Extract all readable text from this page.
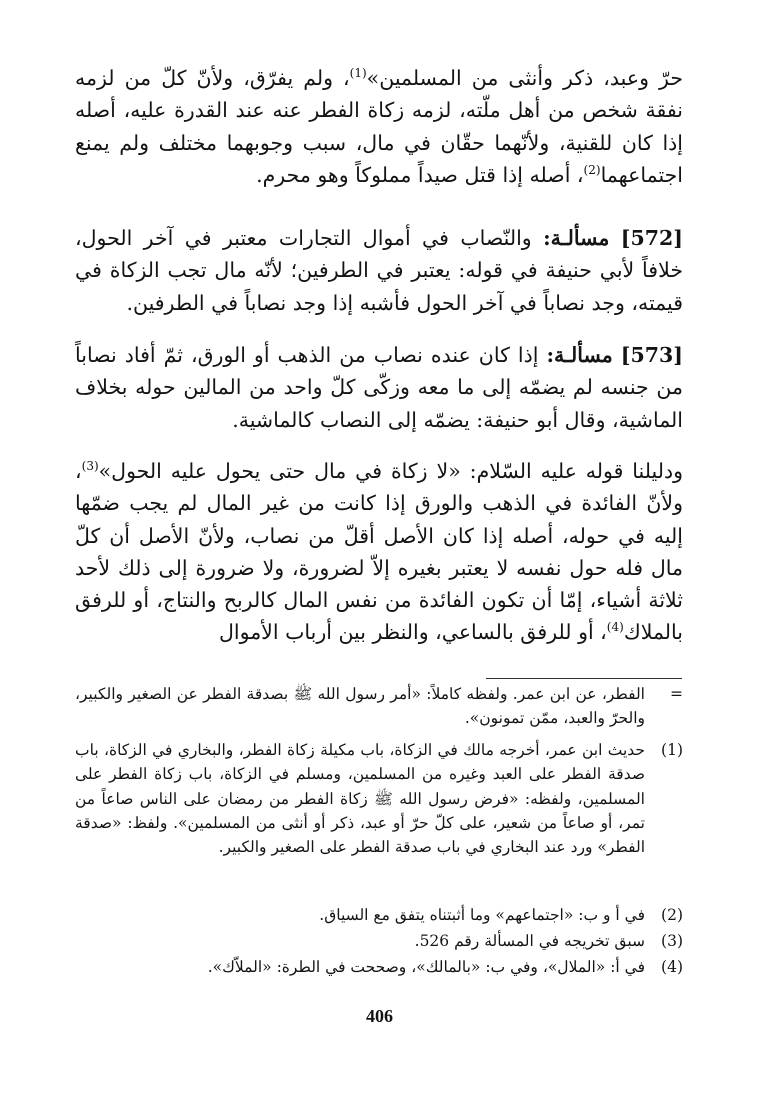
حرّ وعبد، ذكر وأنثى من المسلمين»$^{(1)}$، ولم يفرّق، ولأنّ كلّ من لزمه نفقة شخص من أهل ملّته، لزمه زكاة الفطر عنه عند القدرة عليه، أصله إذا كان للقنية، ولأنّهما حقّان في مال، سبب وجوبهما مختلف ولم يمنع اجتماعهما$^{(2)}$، أصله إذا قتل صيداً مملوكاً وهو محرم.

[572] مسألـة: والنّصاب في أموال التجارات معتبر في آخر الحول، خلافاً لأبي حنيفة في قوله: يعتبر في الطرفين؛ لأنّه مال تجب الزكاة في قيمته، وجد نصاباً في آخر الحول فأشبه إذا وجد نصاباً في الطرفين.

[573] مسألـة: إذا كان عنده نصاب من الذهب أو الورق، ثمّ أفاد نصاباً من جنسه لم يضمّه إلى ما معه وزكّى كلّ واحد من المالين حوله بخلاف الماشية، وقال أبو حنيفة: يضمّه إلى النصاب كالماشية.

ودليلنا قوله عليه السّلام: «لا زكاة في مال حتى يحول عليه الحول»$^{(3)}$، ولأنّ الفائدة في الذهب والورق إذا كانت من غير المال لم يجب ضمّها إليه في حوله، أصله إذا كان الأصل أقلّ من نصاب، ولأنّ الأصل أن كلّ مال فله حول نفسه لا يعتبر بغيره إلاّ لضرورة، ولا ضرورة إلى ذلك لأحد ثلاثة أشياء، إمّا أن تكون الفائدة من نفس المال كالربح والنتاج، أو للرفق بالملاك$^{(4)}$، أو للرفق بالساعي، والنظر بين أرباب الأموال

=
الفطر، عن ابن عمر. ولفظه كاملاً: «أمر رسول الله ﷺ بصدقة الفطر عن الصغير والكبير، والحرّ والعبد، ممّن تمونون».
(1)
حديث ابن عمر، أخرجه مالك في الزكاة، باب مكيلة زكاة الفطر، والبخاري في الزكاة، باب صدقة الفطر على العبد وغيره من المسلمين، ومسلم في الزكاة، باب زكاة الفطر على المسلمين، ولفظه: «فرض رسول الله ﷺ زكاة الفطر من رمضان على الناس صاعاً من تمر، أو صاعاً من شعير، على كلّ حرّ أو عبد، ذكر أو أنثى من المسلمين». ولفظ: «صدقة الفطر» ورد عند البخاري في باب صدقة الفطر على الصغير والكبير.
(2)
في أ و ب: «اجتماعهم» وما أثبتناه يتفق مع السياق.
(3)
سبق تخريجه في المسألة رقم 526.
(4)
في أ: «الملال»، وفي ب: «بالمالك»، وصححت في الطرة: «الملاّك».
406
